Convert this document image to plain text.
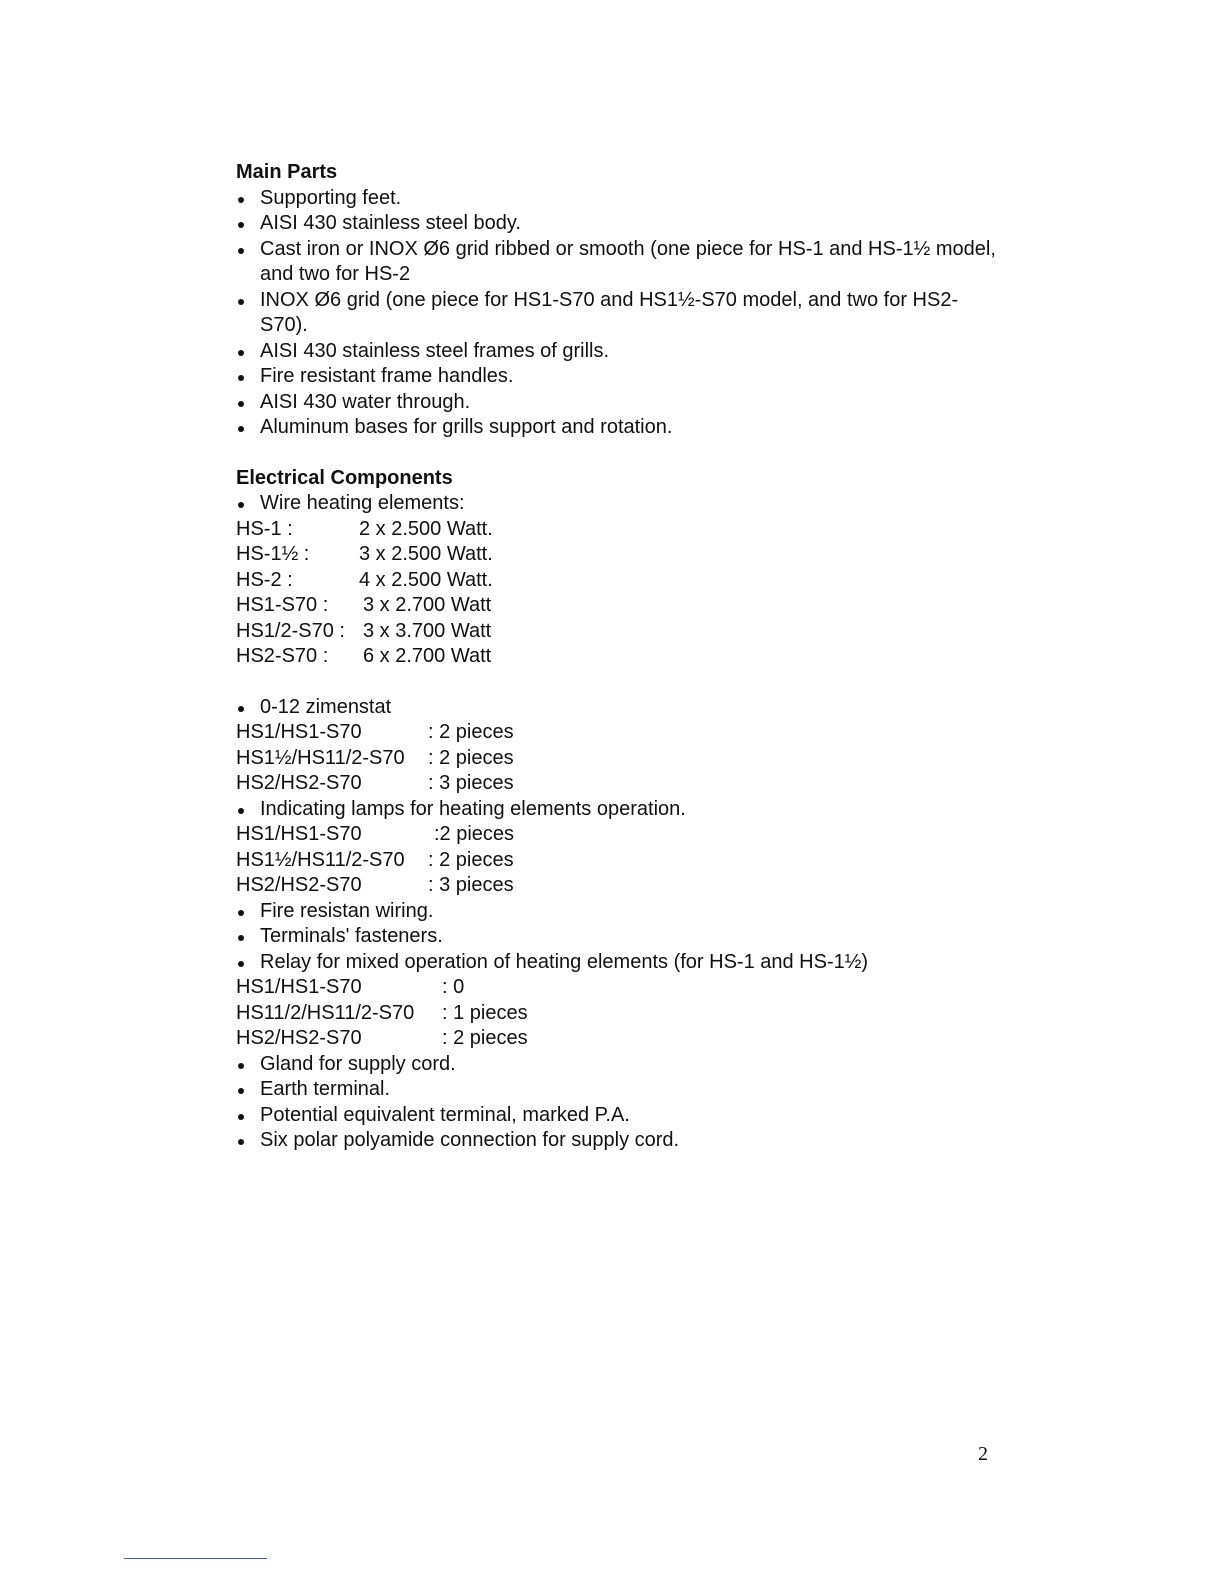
Main Parts
Supporting feet.
AISI 430 stainless steel body.
Cast iron or INOX Ø6 grid ribbed or smooth (one piece for HS-1 and HS-1½ model, and two for HS-2
INOX Ø6 grid (one piece for HS1-S70 and HS1½-S70 model, and two for HS2-S70).
AISI 430 stainless steel frames of grills.
Fire resistant frame handles.
AISI 430 water through.
Aluminum bases for grills support and rotation.
Electrical Components
Wire heating elements:
HS-1 :	2 x 2.500 Watt.
HS-1½ :	3 x 2.500 Watt.
HS-2 :	4 x 2.500 Watt.
HS1-S70 :	3 x 2.700 Watt
HS1/2-S70 : 3 x 3.700 Watt
HS2-S70 :	6 x 2.700 Watt
0-12 zimenstat
HS1/HS1-S70	: 2 pieces
HS1½/HS11/2-S70	: 2 pieces
HS2/HS2-S70	: 3 pieces
Indicating lamps for heating elements operation.
HS1/HS1-S70	:2 pieces
HS1½/HS11/2-S70	: 2 pieces
HS2/HS2-S70	: 3 pieces
Fire resistan wiring.
Terminals' fasteners.
Relay for mixed operation of heating elements (for HS-1 and HS-1½)
HS1/HS1-S70	: 0
HS11/2/HS11/2-S70	: 1 pieces
HS2/HS2-S70	: 2 pieces
Gland for supply cord.
Earth terminal.
Potential equivalent terminal, marked P.A.
Six polar polyamide connection for supply cord.
2
